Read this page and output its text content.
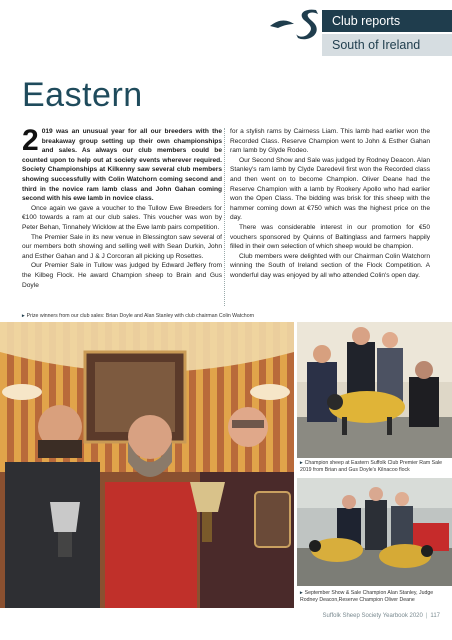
Club reports
South of Ireland
Eastern

2 019 was an unusual year for all our breeders with the breakaway group setting up their own championships and sales. As always our club members could be counted upon to help out at society events wherever required. Society Championships at Kilkenny saw several club members showing successfully with Colin Watchorn coming second and third in the novice ram lamb class and John Gahan coming second with his ewe lamb in novice class.

Once again we gave a voucher to the Tullow Ewe Breeders for €100 towards a ram at our club sales. This voucher was won by Peter Behan, Tinnahely Wicklow at the Ewe lamb pairs competition.

The Premier Sale in its new venue in Blessington saw several of our members both showing and selling well with Sean Durkin, John and Esther Gahan and J & J Corcoran all picking up Rosettes.

Our Premier Sale in Tullow was judged by Edward Jeffery from the Kilbeg Flock. He award Champion sheep to Brain and Gus Doyle

for a stylish rams by Cairness Liam. This lamb had earlier won the Recorded Class. Reserve Champion went to John & Esther Gahan ram lamb by Glyde Rodeo.

Our Second Show and Sale was judged by Rodney Deacon. Alan Stanley's ram lamb by Clyde Daredevil first won the Recorded class and then went on to become Champion. Oliver Deane had the Reserve Champion with a lamb by Rookery Apollo who had earlier won the Open Class. The bidding was brisk for this sheep with the hammer coming down at €750 which was the highest price on the day.

There was considerable interest in our promotion for €50 vouchers sponsored by Quinns of Baltinglass and farmers happily filled in their own selection of which sheep would be champion.

Club members were delighted with our Chairman Colin Watchorn winning the South of Ireland section of the Flock Competition. A wonderful day was enjoyed by all who attended Colin's open day.

▸ Prize winners from our club sales: Brian Doyle and Alan Stanley with club chairman Colin Watchorn
▸ Champion sheep at Eastern Suffolk Club Premier Ram Sale 2019 from Brian and Gus Doyle's Kilnacoo flock
▸ September Show & Sale Champion Alan Stanley, Judge Rodney Deacon,Reserve Champion Oliver Deane
Suffolk Sheep Society Yearbook 2020 | 117
